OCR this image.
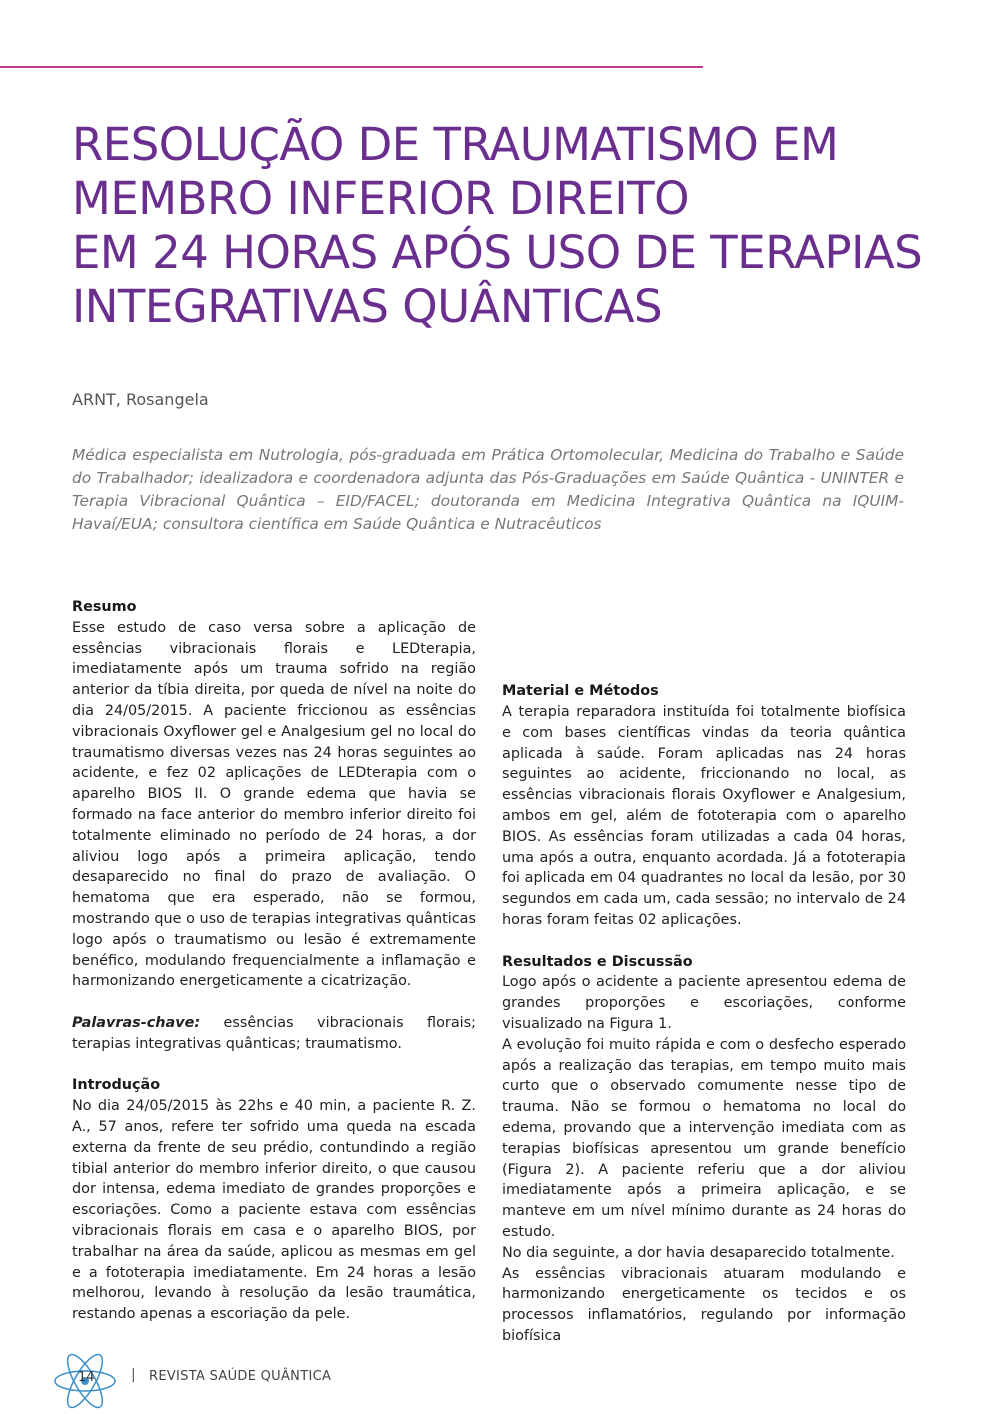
RESOLUÇÃO DE TRAUMATISMO EM
MEMBRO INFERIOR DIREITO
EM 24 HORAS APÓS USO DE TERAPIAS
INTEGRATIVAS QUÂNTICAS
ARNT, Rosangela

Médica especialista em Nutrologia, pós-graduada em Prática Ortomolecular, Medicina do Trabalho e Saúde do Trabalhador; idealizadora e coordenadora adjunta das Pós-Graduações em Saúde Quântica - UNINTER e Terapia Vibracional Quântica – EID/FACEL; doutoranda em Medicina Integrativa Quântica na IQUIM-Havaí/EUA; consultora científica em Saúde Quântica e Nutracêuticos

Resumo

Esse estudo de caso versa sobre a aplicação de essências vibracionais florais e LEDterapia, imediatamente após um trauma sofrido na região anterior da tíbia direita, por queda de nível na noite do dia 24/05/2015. A paciente friccionou as essências vibracionais Oxyflower gel e Analgesium gel no local do traumatismo diversas vezes nas 24 horas seguintes ao acidente, e fez 02 aplicações de LEDterapia com o aparelho BIOS II. O grande edema que havia se formado na face anterior do membro inferior direito foi totalmente eliminado no período de 24 horas, a dor aliviou logo após a primeira aplicação, tendo desaparecido no final do prazo de avaliação. O hematoma que era esperado, não se formou, mostrando que o uso de terapias integrativas quânticas logo após o traumatismo ou lesão é extremamente benéfico, modulando frequencialmente a inflamação e harmonizando energeticamente a cicatrização.

Palavras-chave: essências vibracionais florais; terapias integrativas quânticas; traumatismo.

Introdução

No dia 24/05/2015 às 22hs e 40 min, a paciente R. Z. A., 57 anos, refere ter sofrido uma queda na escada externa da frente de seu prédio, contundindo a região tibial anterior do membro inferior direito, o que causou dor intensa, edema imediato de grandes proporções e escoriações. Como a paciente estava com essências vibracionais florais em casa e o aparelho BIOS, por trabalhar na área da saúde, aplicou as mesmas em gel e a fototerapia imediatamente. Em 24 horas a lesão melhorou, levando à resolução da lesão traumática, restando apenas a escoriação da pele.

Material e Métodos

A terapia reparadora instituída foi totalmente biofísica e com bases científicas vindas da teoria quântica aplicada à saúde. Foram aplicadas nas 24 horas seguintes ao acidente, friccionando no local, as essências vibracionais florais Oxyflower e Analgesium, ambos em gel, além de fototerapia com o aparelho BIOS. As essências foram utilizadas a cada 04 horas, uma após a outra, enquanto acordada. Já a fototerapia foi aplicada em 04 quadrantes no local da lesão, por 30 segundos em cada um, cada sessão; no intervalo de 24 horas foram feitas 02 aplicações.

Resultados e Discussão

Logo após o acidente a paciente apresentou edema de grandes proporções e escoriações, conforme visualizado na Figura 1.

A evolução foi muito rápida e com o desfecho esperado após a realização das terapias, em tempo muito mais curto que o observado comumente nesse tipo de trauma. Não se formou o hematoma no local do edema, provando que a intervenção imediata com as terapias biofísicas apresentou um grande benefício (Figura 2). A paciente referiu que a dor aliviou imediatamente após a primeira aplicação, e se manteve em um nível mínimo durante as 24 horas do estudo.

No dia seguinte, a dor havia desaparecido totalmente.

As essências vibracionais atuaram modulando e harmonizando energeticamente os tecidos e os processos inflamatórios, regulando por informação biofísica

14	| REVISTA SAÚDE QUÂNTICA
